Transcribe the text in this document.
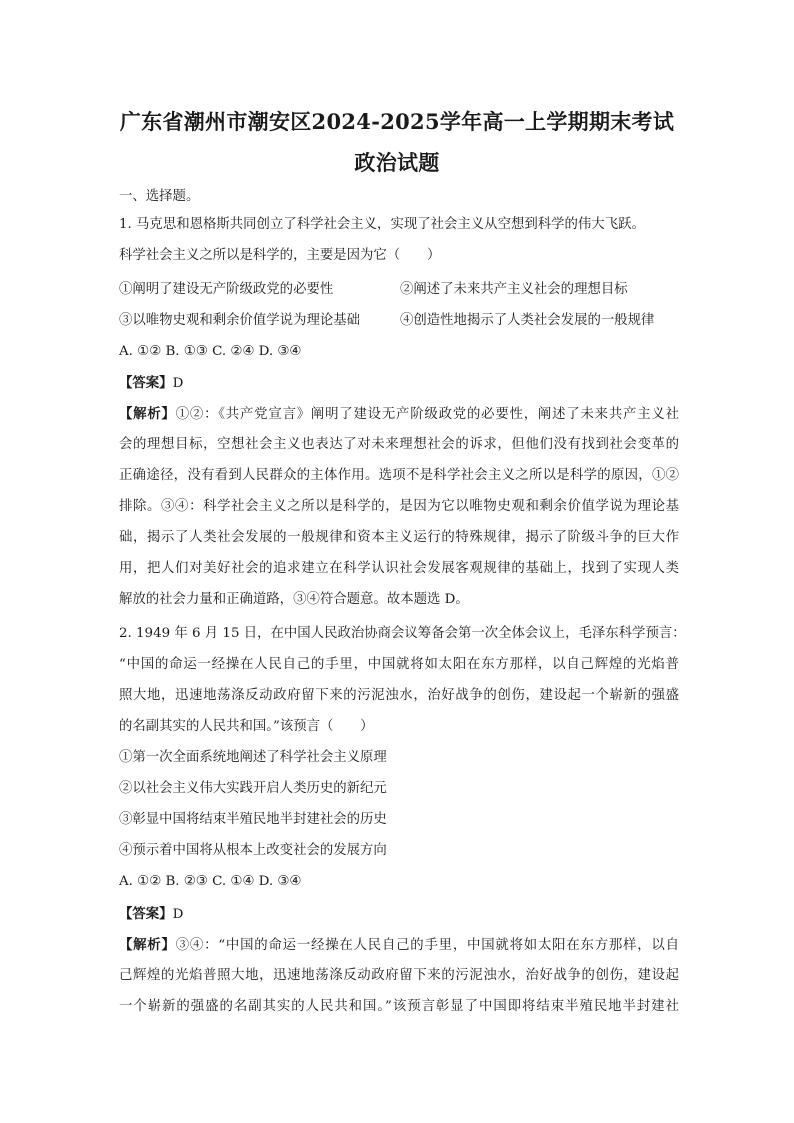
广东省潮州市潮安区2024-2025学年高一上学期期末考试
政治试题
一、选择题。
1. 马克思和恩格斯共同创立了科学社会主义，实现了社会主义从空想到科学的伟大飞跃。
科学社会主义之所以是科学的，主要是因为它（　　）
①阐明了建设无产阶级政党的必要性	②阐述了未来共产主义社会的理想目标
③以唯物史观和剩余价值学说为理论基础	④创造性地揭示了人类社会发展的一般规律
A. ①② B. ①③ C. ②④ D. ③④
【答案】D
【解析】①②：《共产党宣言》阐明了建设无产阶级政党的必要性，阐述了未来共产主义社
会的理想目标，空想社会主义也表达了对未来理想社会的诉求，但他们没有找到社会变革的
正确途径，没有看到人民群众的主体作用。选项不是科学社会主义之所以是科学的原因，①②
排除。③④：科学社会主义之所以是科学的，是因为它以唯物史观和剩余价值学说为理论基
础，揭示了人类社会发展的一般规律和资本主义运行的特殊规律，揭示了阶级斗争的巨大作
用，把人们对美好社会的追求建立在科学认识社会发展客观规律的基础上，找到了实现人类
解放的社会力量和正确道路，③④符合题意。故本题选 D。
2. 1949 年 6 月 15 日，在中国人民政治协商会议筹备会第一次全体会议上，毛泽东科学预言：
“中国的命运一经操在人民自己的手里，中国就将如太阳在东方那样，以自己辉煌的光焰普
照大地，迅速地荡涤反动政府留下来的污泥浊水，治好战争的创伤，建设起一个崭新的强盛
的名副其实的人民共和国。”该预言（　　）
①第一次全面系统地阐述了科学社会主义原理
②以社会主义伟大实践开启人类历史的新纪元
③彰显中国将结束半殖民地半封建社会的历史
④预示着中国将从根本上改变社会的发展方向
A. ①② B. ②③ C. ①④ D. ③④
【答案】D
【解析】③④：“中国的命运一经操在人民自己的手里，中国就将如太阳在东方那样，以自
己辉煌的光焰普照大地，迅速地荡涤反动政府留下来的污泥浊水，治好战争的创伤，建设起
一个崭新的强盛的名副其实的人民共和国。”该预言彰显了中国即将结束半殖民地半封建社
